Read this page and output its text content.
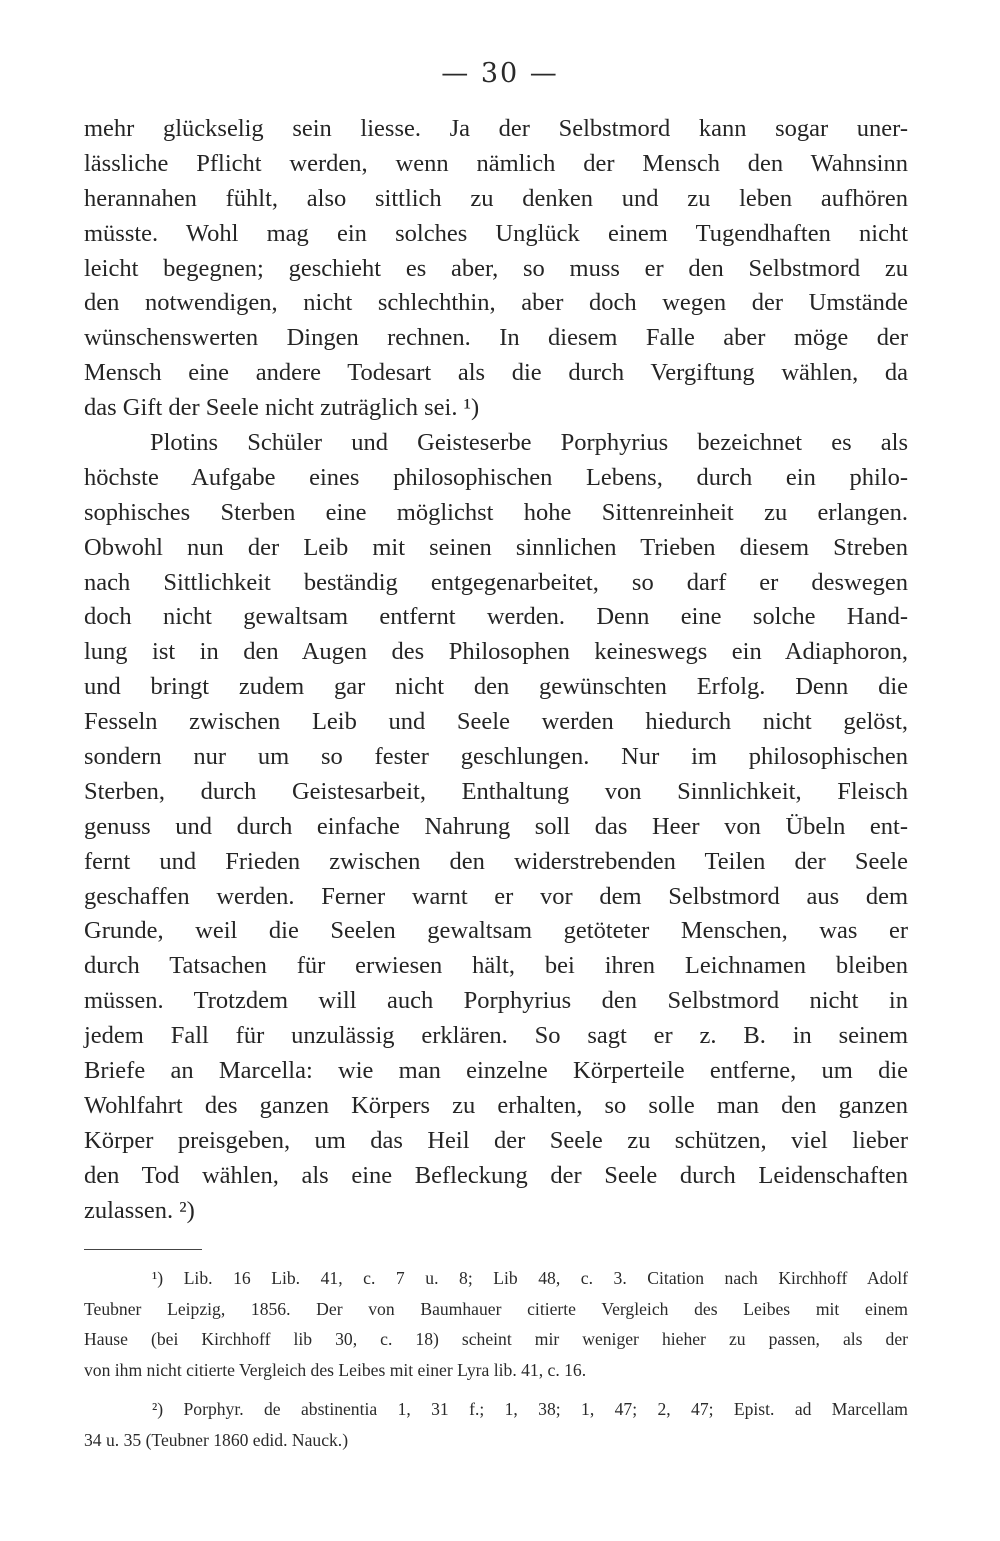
— 30 —
mehr glückselig sein liesse. Ja der Selbstmord kann sogar uner-
lässliche Pflicht werden, wenn nämlich der Mensch den Wahnsinn
herannahen fühlt, also sittlich zu denken und zu leben aufhören
müsste. Wohl mag ein solches Unglück einem Tugendhaften nicht
leicht begegnen; geschieht es aber, so muss er den Selbstmord zu
den notwendigen, nicht schlechthin, aber doch wegen der Umstände
wünschenswerten Dingen rechnen. In diesem Falle aber möge der
Mensch eine andere Todesart als die durch Vergiftung wählen, da
das Gift der Seele nicht zuträglich sei. ¹)
Plotins Schüler und Geisteserbe Porphyrius bezeichnet es als
höchste Aufgabe eines philosophischen Lebens, durch ein philo-
sophisches Sterben eine möglichst hohe Sittenreinheit zu erlangen.
Obwohl nun der Leib mit seinen sinnlichen Trieben diesem Streben
nach Sittlichkeit beständig entgegenarbeitet, so darf er deswegen
doch nicht gewaltsam entfernt werden. Denn eine solche Hand-
lung ist in den Augen des Philosophen keineswegs ein Adiaphoron,
und bringt zudem gar nicht den gewünschten Erfolg. Denn die
Fesseln zwischen Leib und Seele werden hiedurch nicht gelöst,
sondern nur um so fester geschlungen. Nur im philosophischen
Sterben, durch Geistesarbeit, Enthaltung von Sinnlichkeit, Fleisch
genuss und durch einfache Nahrung soll das Heer von Übeln ent-
fernt und Frieden zwischen den widerstrebenden Teilen der Seele
geschaffen werden. Ferner warnt er vor dem Selbstmord aus dem
Grunde, weil die Seelen gewaltsam getöteter Menschen, was er
durch Tatsachen für erwiesen hält, bei ihren Leichnamen bleiben
müssen. Trotzdem will auch Porphyrius den Selbstmord nicht in
jedem Fall für unzulässig erklären. So sagt er z. B. in seinem
Briefe an Marcella: wie man einzelne Körperteile entferne, um die
Wohlfahrt des ganzen Körpers zu erhalten, so solle man den ganzen
Körper preisgeben, um das Heil der Seele zu schützen, viel lieber
den Tod wählen, als eine Befleckung der Seele durch Leidenschaften
zulassen. ²)
¹) Lib. 16 Lib. 41, c. 7 u. 8; Lib 48, c. 3. Citation nach Kirchhoff Adolf
Teubner Leipzig, 1856. Der von Baumhauer citierte Vergleich des Leibes mit einem
Hause (bei Kirchhoff lib 30, c. 18) scheint mir weniger hieher zu passen, als der
von ihm nicht citierte Vergleich des Leibes mit einer Lyra lib. 41, c. 16.
²) Porphyr. de abstinentia 1, 31 f.; 1, 38; 1, 47; 2, 47; Epist. ad Marcellam
34 u. 35 (Teubner 1860 edid. Nauck.)
